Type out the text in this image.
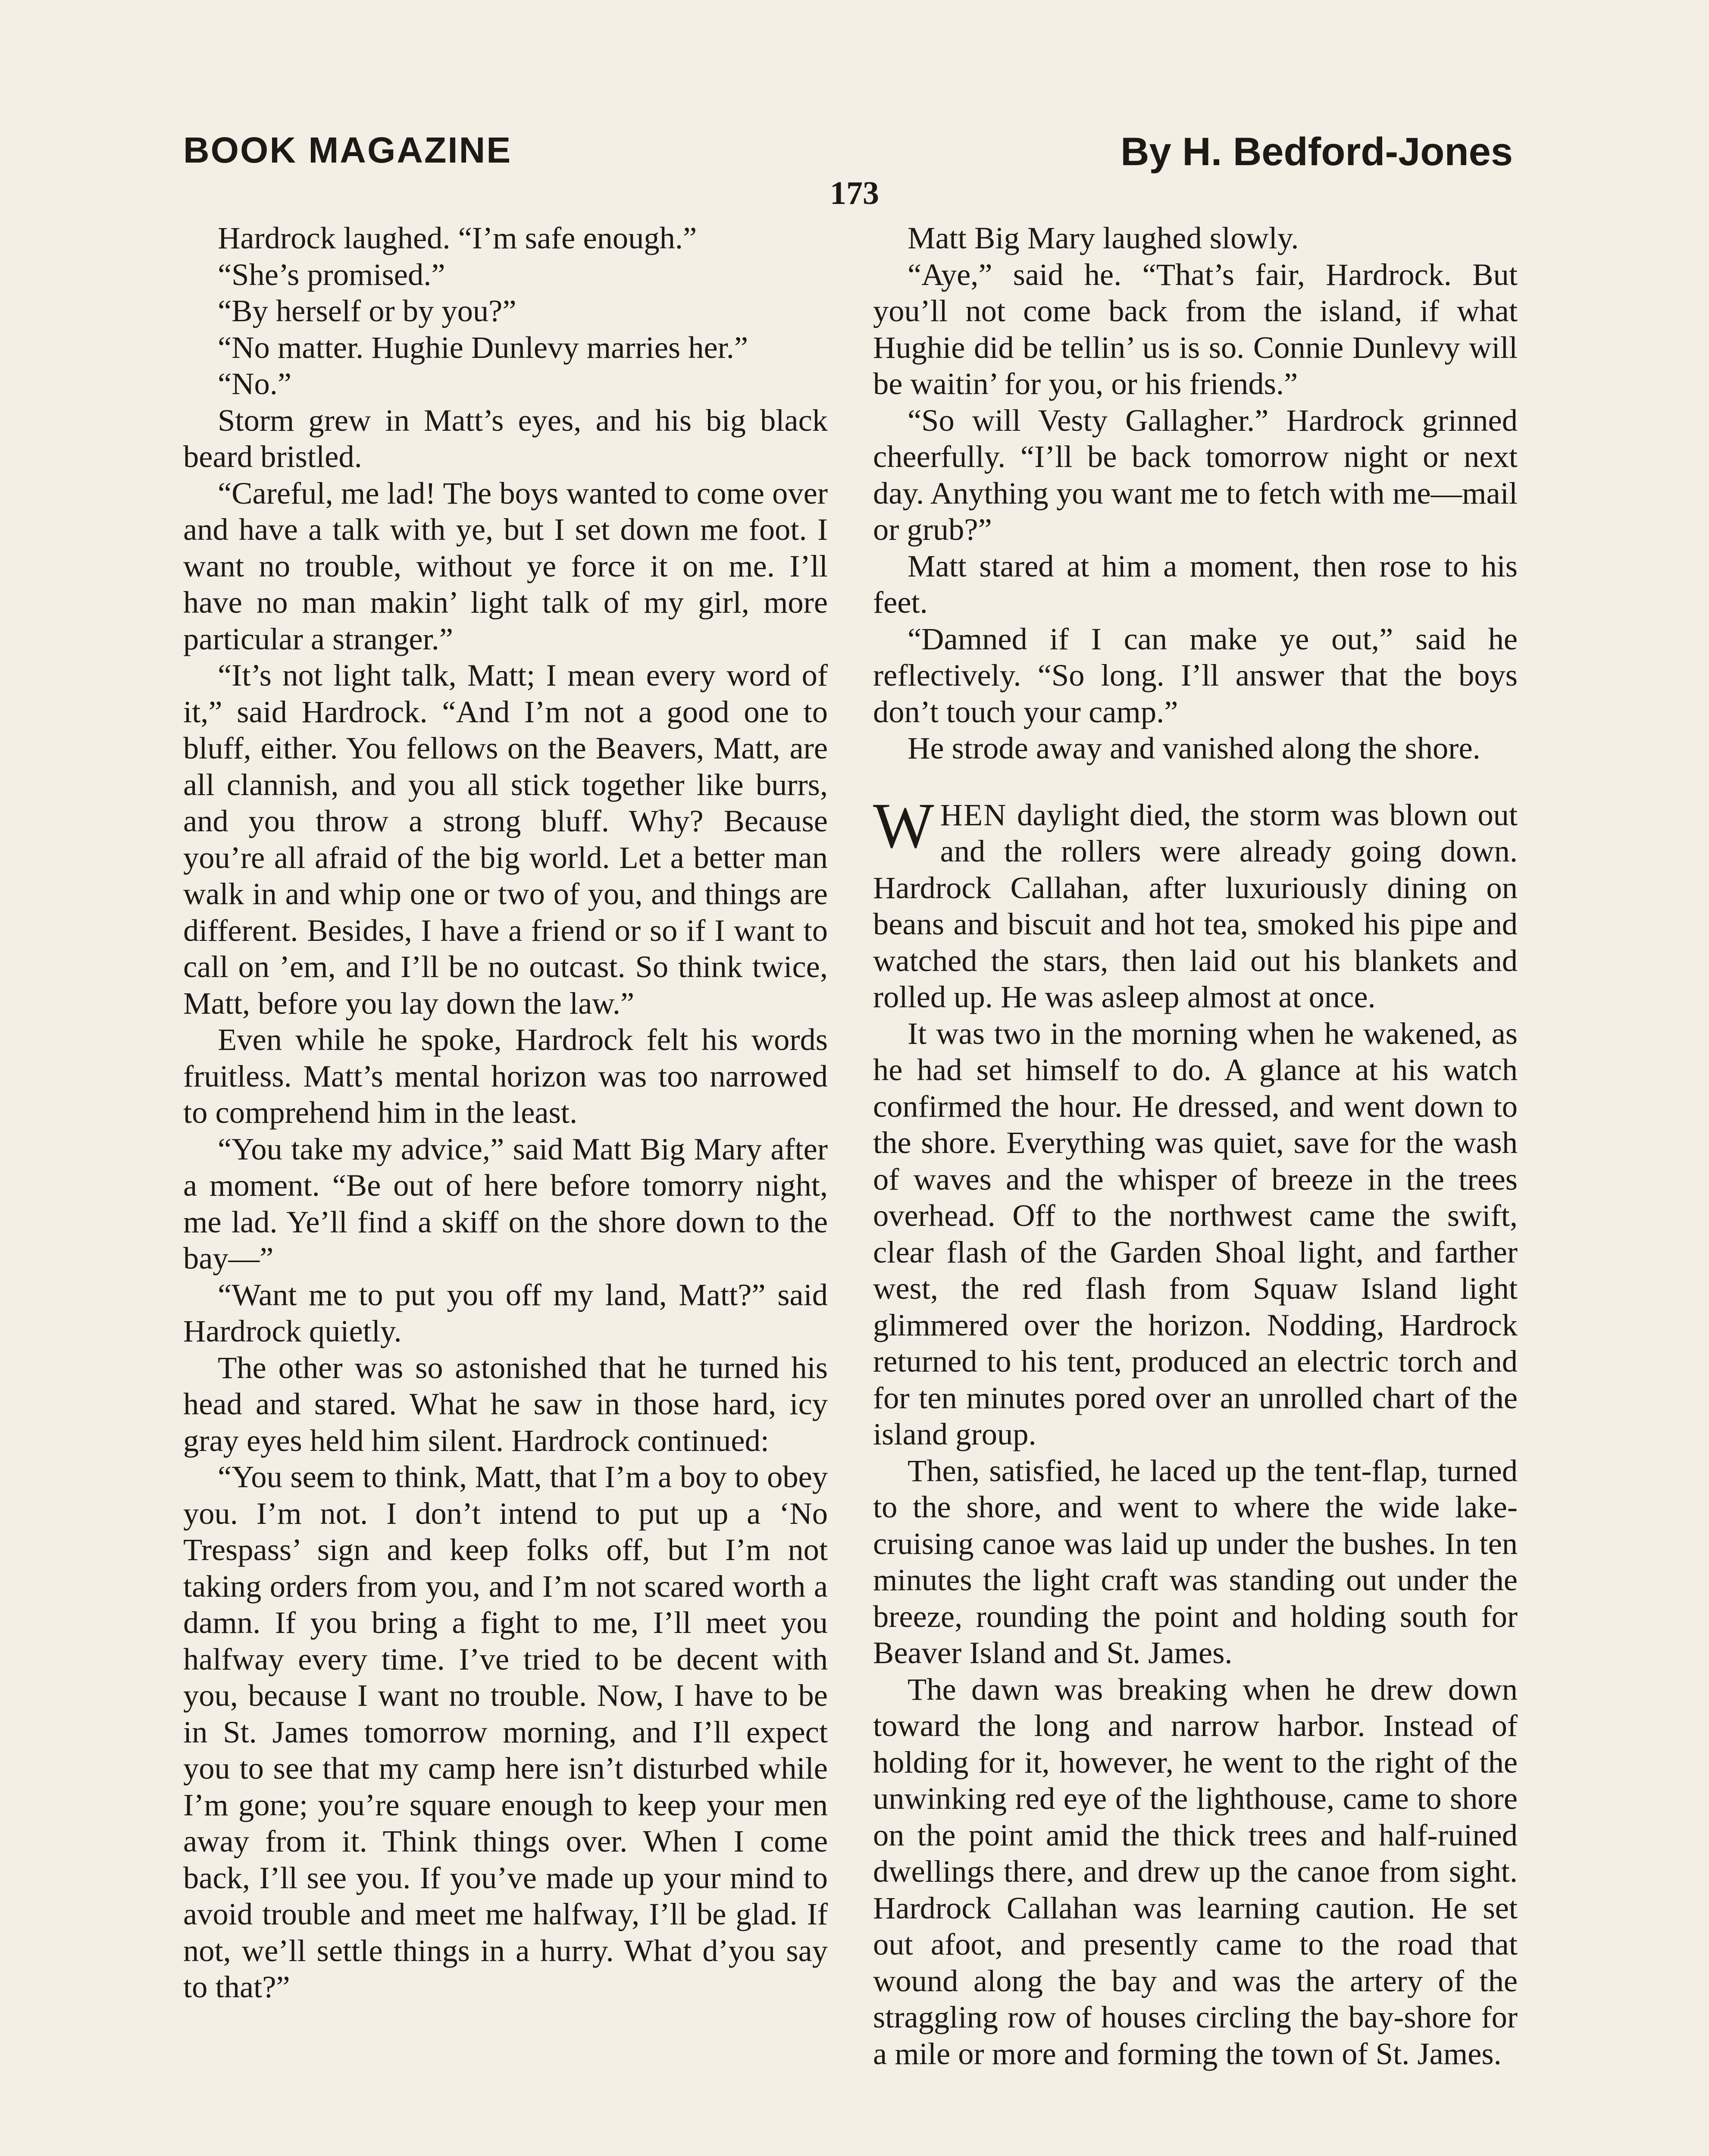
BOOK MAGAZINE	By H. Bedford-Jones
173

Hardrock laughed. “I’m safe enough.”

“She’s promised.”

“By herself or by you?”

“No matter. Hughie Dunlevy marries her.”

“No.”

Storm grew in Matt’s eyes, and his big black beard bristled.

“Careful, me lad! The boys wanted to come over and have a talk with ye, but I set down me foot. I want no trouble, without ye force it on me. I’ll have no man makin’ light talk of my girl, more particular a stranger.”

“It’s not light talk, Matt; I mean every word of it,” said Hardrock. “And I’m not a good one to bluff, either. You fellows on the Beavers, Matt, are all clannish, and you all stick together like burrs, and you throw a strong bluff. Why? Because you’re all afraid of the big world. Let a better man walk in and whip one or two of you, and things are different. Besides, I have a friend or so if I want to call on ’em, and I’ll be no outcast. So think twice, Matt, before you lay down the law.”

Even while he spoke, Hardrock felt his words fruitless. Matt’s mental horizon was too narrowed to comprehend him in the least.

“You take my advice,” said Matt Big Mary after a moment. “Be out of here before tomorry night, me lad. Ye’ll find a skiff on the shore down to the bay—”

“Want me to put you off my land, Matt?” said Hardrock quietly.

The other was so astonished that he turned his head and stared. What he saw in those hard, icy gray eyes held him silent. Hardrock continued:

“You seem to think, Matt, that I’m a boy to obey you. I’m not. I don’t intend to put up a ‘No Trespass’ sign and keep folks off, but I’m not taking orders from you, and I’m not scared worth a damn. If you bring a fight to me, I’ll meet you halfway every time. I’ve tried to be decent with you, because I want no trouble. Now, I have to be in St. James tomorrow morning, and I’ll expect you to see that my camp here isn’t disturbed while I’m gone; you’re square enough to keep your men away from it. Think things over. When I come back, I’ll see you. If you’ve made up your mind to avoid trouble and meet me halfway, I’ll be glad. If not, we’ll settle things in a hurry. What d’you say to that?”

Matt Big Mary laughed slowly.

“Aye,” said he. “That’s fair, Hardrock. But you’ll not come back from the island, if what Hughie did be tellin’ us is so. Connie Dunlevy will be waitin’ for you, or his friends.”

“So will Vesty Gallagher.” Hardrock grinned cheerfully. “I’ll be back tomorrow night or next day. Anything you want me to fetch with me—mail or grub?”

Matt stared at him a moment, then rose to his feet.

“Damned if I can make ye out,” said he reflectively. “So long. I’ll answer that the boys don’t touch your camp.”

He strode away and vanished along the shore.

WHEN daylight died, the storm was blown out and the rollers were already going down. Hardrock Callahan, after luxuriously dining on beans and biscuit and hot tea, smoked his pipe and watched the stars, then laid out his blankets and rolled up. He was asleep almost at once.

It was two in the morning when he wakened, as he had set himself to do. A glance at his watch confirmed the hour. He dressed, and went down to the shore. Everything was quiet, save for the wash of waves and the whisper of breeze in the trees overhead. Off to the northwest came the swift, clear flash of the Garden Shoal light, and farther west, the red flash from Squaw Island light glimmered over the horizon. Nodding, Hardrock returned to his tent, produced an electric torch and for ten minutes pored over an unrolled chart of the island group.

Then, satisfied, he laced up the tent-flap, turned to the shore, and went to where the wide lake-cruising canoe was laid up under the bushes. In ten minutes the light craft was standing out under the breeze, rounding the point and holding south for Beaver Island and St. James.

The dawn was breaking when he drew down toward the long and narrow harbor. Instead of holding for it, however, he went to the right of the unwinking red eye of the lighthouse, came to shore on the point amid the thick trees and half-ruined dwellings there, and drew up the canoe from sight. Hardrock Callahan was learning caution. He set out afoot, and presently came to the road that wound along the bay and was the artery of the straggling row of houses circling the bay-shore for a mile or more and forming the town of St. James.
